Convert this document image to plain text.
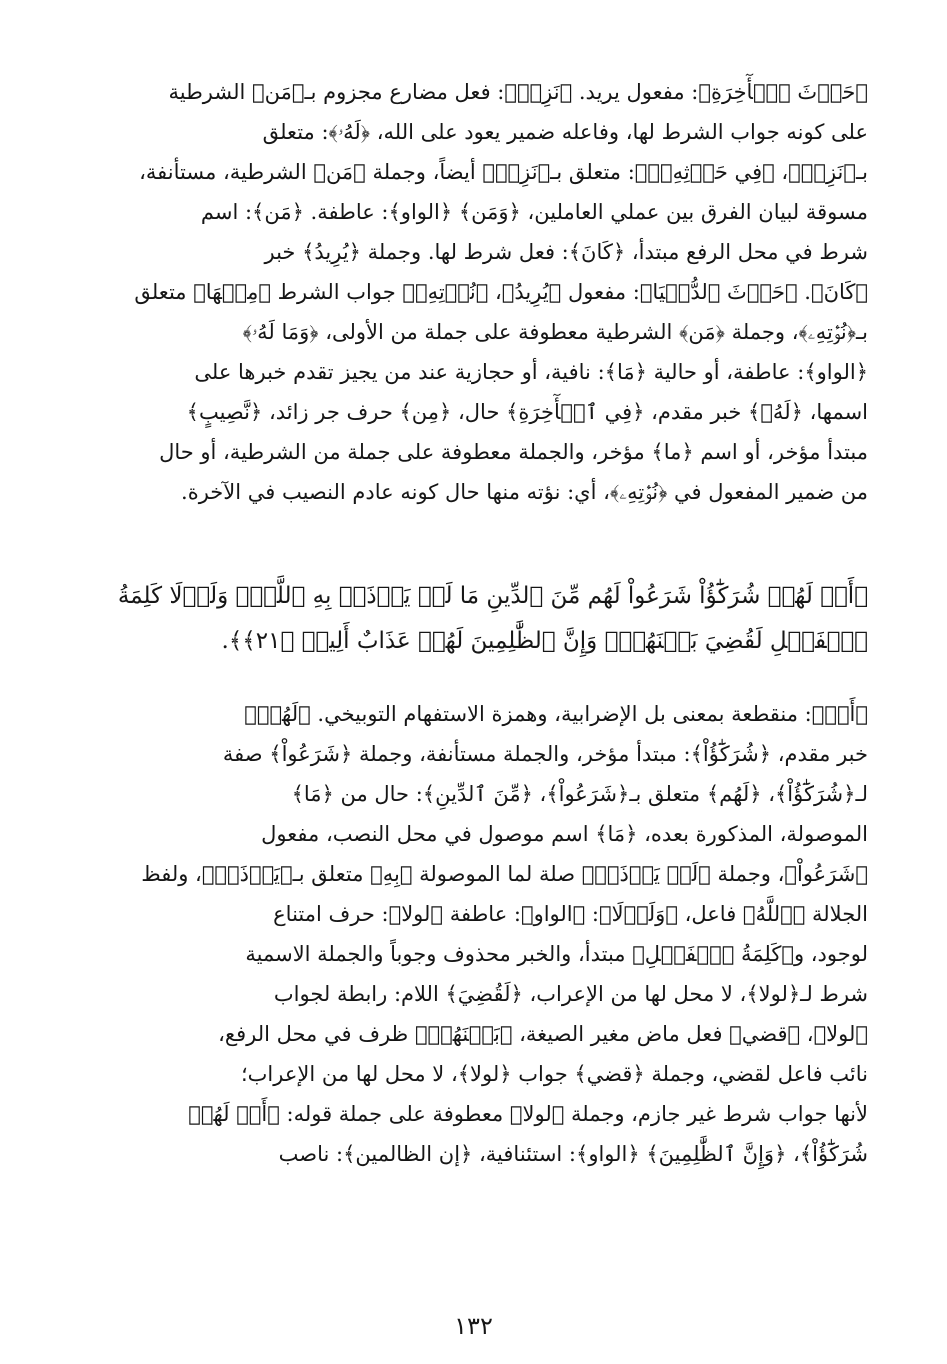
﴿حَرۡثَ ٱلۡأٓخِرَةِ﴾: مفعول يريد. ﴿نَزِدۡ﴾: فعل مضارع مجزوم بـ﴿مَن﴾ الشرطية
على كونه جواب الشرط لها، وفاعله ضمير يعود على الله، ﴿لَهُۥ﴾: متعلق
بـ﴿نَزِدۡ﴾، ﴿فِي حَرۡثِهِۦۖ﴾: متعلق بـ﴿نَزِدۡ﴾ أيضاً، وجملة ﴿مَن﴾ الشرطية، مستأنفة،
مسوقة لبيان الفرق بين عملي العاملين، ﴿وَمَن﴾ ﴿الواو﴾: عاطفة. ﴿مَن﴾: اسم
شرط في محل الرفع مبتدأ، ﴿كَانَ﴾: فعل شرط لها. وجملة ﴿يُرِيدُ﴾ خبر
﴿كَانَ﴾. ﴿حَرۡثَ ٱلدُّنۡيَا﴾: مفعول ﴿يُرِيدُ﴾، ﴿نُؤۡتِهِۦ﴾ جواب الشرط ﴿مِنۡهَا﴾ متعلق
بـ﴿نُؤۡتِهِۦ﴾، وجملة ﴿مَن﴾ الشرطية معطوفة على جملة من الأولى، ﴿وَمَا لَهُۥ﴾
﴿الواو﴾: عاطفة، أو حالية ﴿مَا﴾: نافية، أو حجازية عند من يجيز تقدم خبرها على
اسمها، ﴿لَهُۥ﴾ خبر مقدم، ﴿فِي ٱلۡأٓخِرَةِ﴾ حال، ﴿مِن﴾ حرف جر زائد، ﴿نَّصِيبٍ﴾
مبتدأ مؤخر، أو اسم ﴿ما﴾ مؤخر، والجملة معطوفة على جملة من الشرطية، أو حال
من ضمير المفعول في ﴿نُؤۡتِهِۦ﴾، أي: نؤته منها حال كونه عادم النصيب في الآخرة.
﴿أَمۡ لَهُمۡ شُرَكَٰٓؤُاْ شَرَعُواْ لَهُم مِّنَ ٱلدِّينِ مَا لَمۡ يَأۡذَنۢ بِهِ ٱللَّهُۚ وَلَوۡلَا كَلِمَةُ
ٱلۡفَصۡلِ لَقُضِيَ بَيۡنَهُمۡۗ وَإِنَّ ٱلظَّٰلِمِينَ لَهُمۡ عَذَابٌ أَلِيمٞ ﴿٢١﴾﴾.
﴿أَمۡ﴾: منقطعة بمعنى بل الإضرابية، وهمزة الاستفهام التوبيخي. ﴿لَهُمۡ﴾
خبر مقدم، ﴿شُرَكَٰٓؤُاْ﴾: مبتدأ مؤخر، والجملة مستأنفة، وجملة ﴿شَرَعُواْ﴾ صفة
لـ﴿شُرَكَٰٓؤُاْ﴾، ﴿لَهُم﴾ متعلق بـ﴿شَرَعُواْ﴾، ﴿مِّنَ ٱلدِّينِ﴾: حال من ﴿مَا﴾
الموصولة، المذكورة بعده، ﴿مَا﴾ اسم موصول في محل النصب، مفعول
﴿شَرَعُواْ﴾، وجملة ﴿لَمۡ يَأۡذَنۢ﴾ صلة لما الموصولة ﴿بِهِ﴾ متعلق بـ﴿يَأۡذَنۢ﴾، ولفظ
الجلالة ﴿ٱللَّهُ﴾ فاعل، ﴿وَلَوۡلَا﴾: ﴿الواو﴾: عاطفة ﴿لولا﴾: حرف امتناع
لوجود، و﴿كَلِمَةُ ٱلۡفَصۡلِ﴾ مبتدأ، والخبر محذوف وجوباً والجملة الاسمية
شرط لـ﴿لولا﴾، لا محل لها من الإعراب، ﴿لَقُضِيَ﴾ اللام: رابطة لجواب
﴿لولا﴾، ﴿قضي﴾ فعل ماض مغير الصيغة، ﴿بَيۡنَهُمۡ﴾ ظرف في محل الرفع،
نائب فاعل لقضي، وجملة ﴿قضي﴾ جواب ﴿لولا﴾، لا محل لها من الإعراب؛
لأنها جواب شرط غير جازم، وجملة ﴿لولا﴾ معطوفة على جملة قوله: ﴿أَمۡ لَهُمۡ
شُرَكَٰٓؤُاْ﴾، ﴿وَإِنَّ ٱلظَّٰلِمِينَ﴾ ﴿الواو﴾: استئنافية، ﴿إن الظالمين﴾: ناصب
١٣٢
